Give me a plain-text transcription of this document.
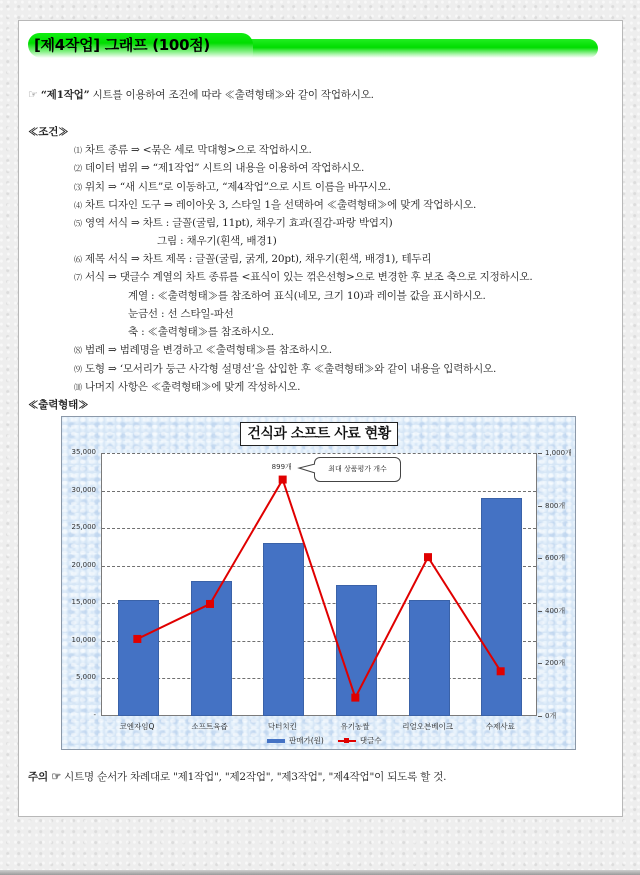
[제4작업] 그래프 (100점)
☞ “제1작업” 시트를 이용하여 조건에 따라 ≪출력형태≫와 같이 작업하시오.
≪조건≫
⑴ 차트 종류 ⇒ <묶은 세로 막대형>으로 작업하시오.
⑵ 데이터 범위 ⇒ “제1작업” 시트의 내용을 이용하여 작업하시오.
⑶ 위치 ⇒ “새 시트”로 이동하고, “제4작업”으로 시트 이름을 바꾸시오.
⑷ 차트 디자인 도구 ⇒ 레이아웃 3, 스타일 1을 선택하여 ≪출력형태≫에 맞게 작업하시오.
⑸ 영역 서식 ⇒ 차트 : 글꼴(굴림, 11pt), 채우기 효과(질감-파랑 박엽지)
그림 : 채우기(흰색, 배경1)
⑹ 제목 서식 ⇒ 차트 제목 : 글꼴(굴림, 굵게, 20pt), 채우기(흰색, 배경1), 테두리
⑺ 서식 ⇒ 댓글수 계열의 차트 종류를 <표식이 있는 꺾은선형>으로 변경한 후 보조 축으로 지정하시오.
계열 : ≪출력형태≫를 참조하여 표식(네모, 크기 10)과 레이블 값을 표시하시오.
눈금선 : 선 스타일-파선
축 : ≪출력형태≫를 참조하시오.
⑻ 범례 ⇒ 범례명을 변경하고 ≪출력형태≫를 참조하시오.
⑼ 도형 ⇒ ‘모서리가 둥근 사각형 설명선’을 삽입한 후 ≪출력형태≫와 같이 내용을 입력하시오.
⑽ 나머지 사항은 ≪출력형태≫에 맞게 작성하시오.
≪출력형태≫
건식과 소프트 사료 현황
-
5,000
10,000
15,000
20,000
25,000
30,000
35,000
0개
200개
400개
600개
800개
1,000개
코엔자임Q	소프트육즙	닥터치킨	유기농쌀	리얼오븐베이크	수제사료
899개	최대 상품평가 개수
판매가(원)	댓글수
주의 ☞ 시트명 순서가 차례대로 "제1작업", "제2작업", "제3작업", "제4작업"이 되도록 할 것.
